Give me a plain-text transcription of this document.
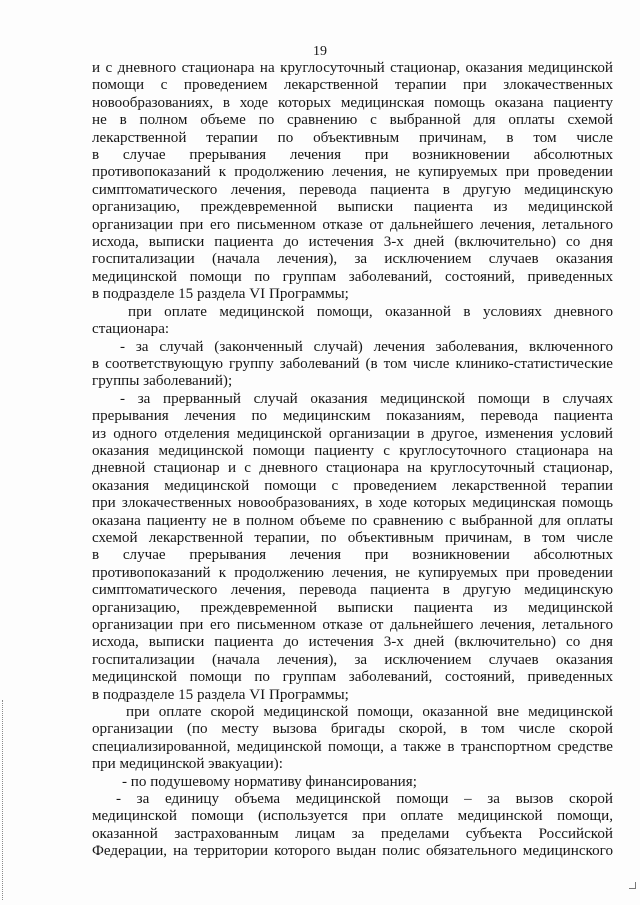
19

и с дневного стационара на круглосуточный стационар, оказания медицинской

помощи с проведением лекарственной терапии при злокачественных

новообразованиях, в ходе которых медицинская помощь оказана пациенту

не в полном объеме по сравнению с выбранной для оплаты схемой

лекарственной терапии по объективным причинам, в том числе

в случае прерывания лечения при возникновении абсолютных

противопоказаний к продолжению лечения, не купируемых при проведении

симптоматического лечения, перевода пациента в другую медицинскую

организацию, преждевременной выписки пациента из медицинской

организации при его письменном отказе от дальнейшего лечения, летального

исхода, выписки пациента до истечения 3-х дней (включительно) со дня

госпитализации (начала лечения), за исключением случаев оказания

медицинской помощи по группам заболеваний, состояний, приведенных

в подразделе 15 раздела VI Программы;

при оплате медицинской помощи, оказанной в условиях дневного

стационара:

- за случай (законченный случай) лечения заболевания, включенного

в соответствующую группу заболеваний (в том числе клинико-статистические

группы заболеваний);

- за прерванный случай оказания медицинской помощи в случаях

прерывания лечения по медицинским показаниям, перевода пациента

из одного отделения медицинской организации в другое, изменения условий

оказания медицинской помощи пациенту с круглосуточного стационара на

дневной стационар и с дневного стационара на круглосуточный стационар,

оказания медицинской помощи с проведением лекарственной терапии

при злокачественных новообразованиях, в ходе которых медицинская помощь

оказана пациенту не в полном объеме по сравнению с выбранной для оплаты

схемой лекарственной терапии, по объективным причинам, в том числе

в случае прерывания лечения при возникновении абсолютных

противопоказаний к продолжению лечения, не купируемых при проведении

симптоматического лечения, перевода пациента в другую медицинскую

организацию, преждевременной выписки пациента из медицинской

организации при его письменном отказе от дальнейшего лечения, летального

исхода, выписки пациента до истечения 3-х дней (включительно) со дня

госпитализации (начала лечения), за исключением случаев оказания

медицинской помощи по группам заболеваний, состояний, приведенных

в подразделе 15 раздела VI Программы;

при оплате скорой медицинской помощи, оказанной вне медицинской

организации (по месту вызова бригады скорой, в том числе скорой

специализированной, медицинской помощи, а также в транспортном средстве

при медицинской эвакуации):

- по подушевому нормативу финансирования;

- за единицу объема медицинской помощи – за вызов скорой

медицинской помощи (используется при оплате медицинской помощи,

оказанной застрахованным лицам за пределами субъекта Российской

Федерации, на территории которого выдан полис обязательного медицинского
